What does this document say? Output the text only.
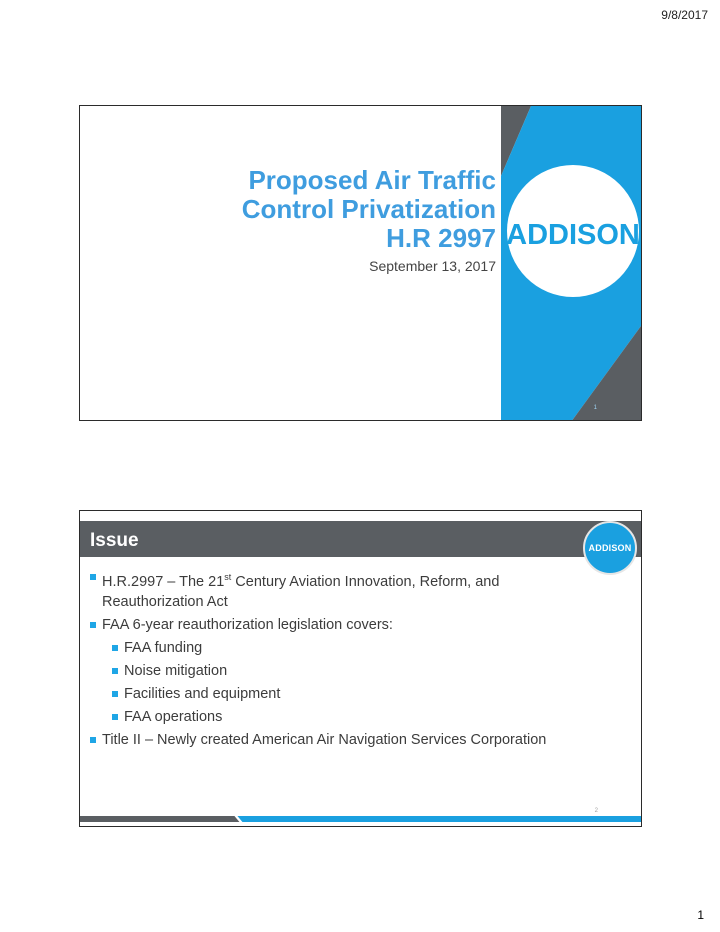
9/8/2017
Proposed Air Traffic
Control Privatization
H.R 2997
September 13, 2017
ADDISON
1
Issue	ADDISON
H.R.2997 – The 21st Century Aviation Innovation, Reform, and Reauthorization Act
FAA 6-year reauthorization legislation covers:
FAA funding
Noise mitigation
Facilities and equipment
FAA operations
Title II – Newly created American Air Navigation Services Corporation
2
1
